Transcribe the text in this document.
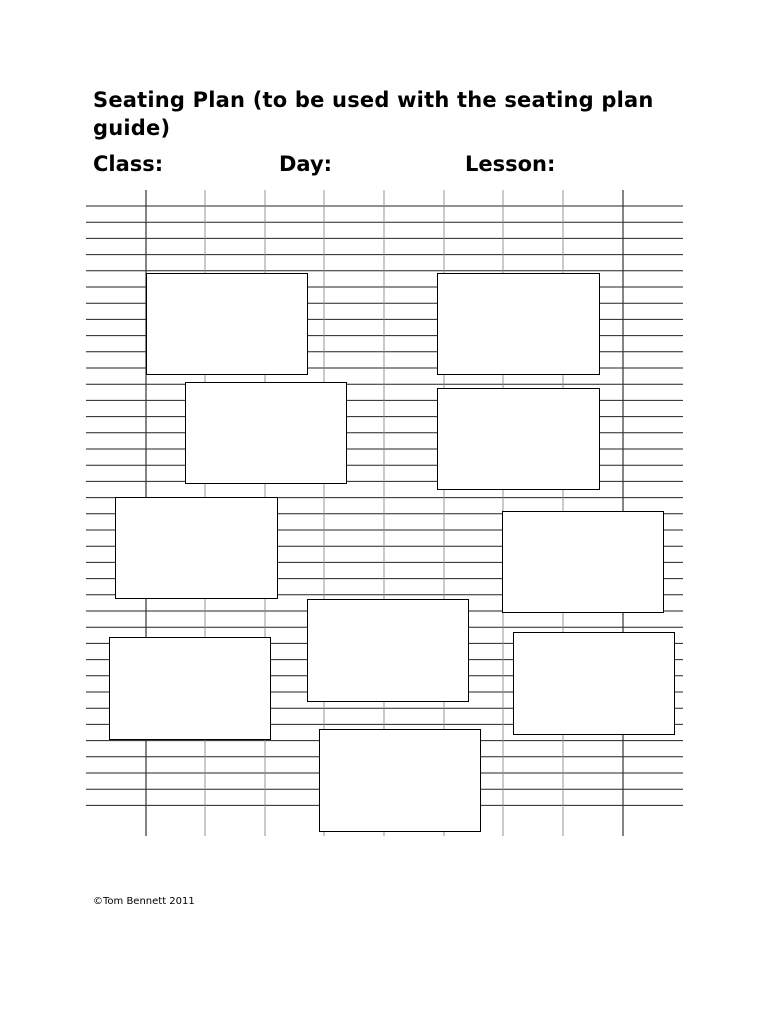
Seating Plan (to be used with the seating plan guide)
Class:	Day:	Lesson:
©Tom Bennett 2011
